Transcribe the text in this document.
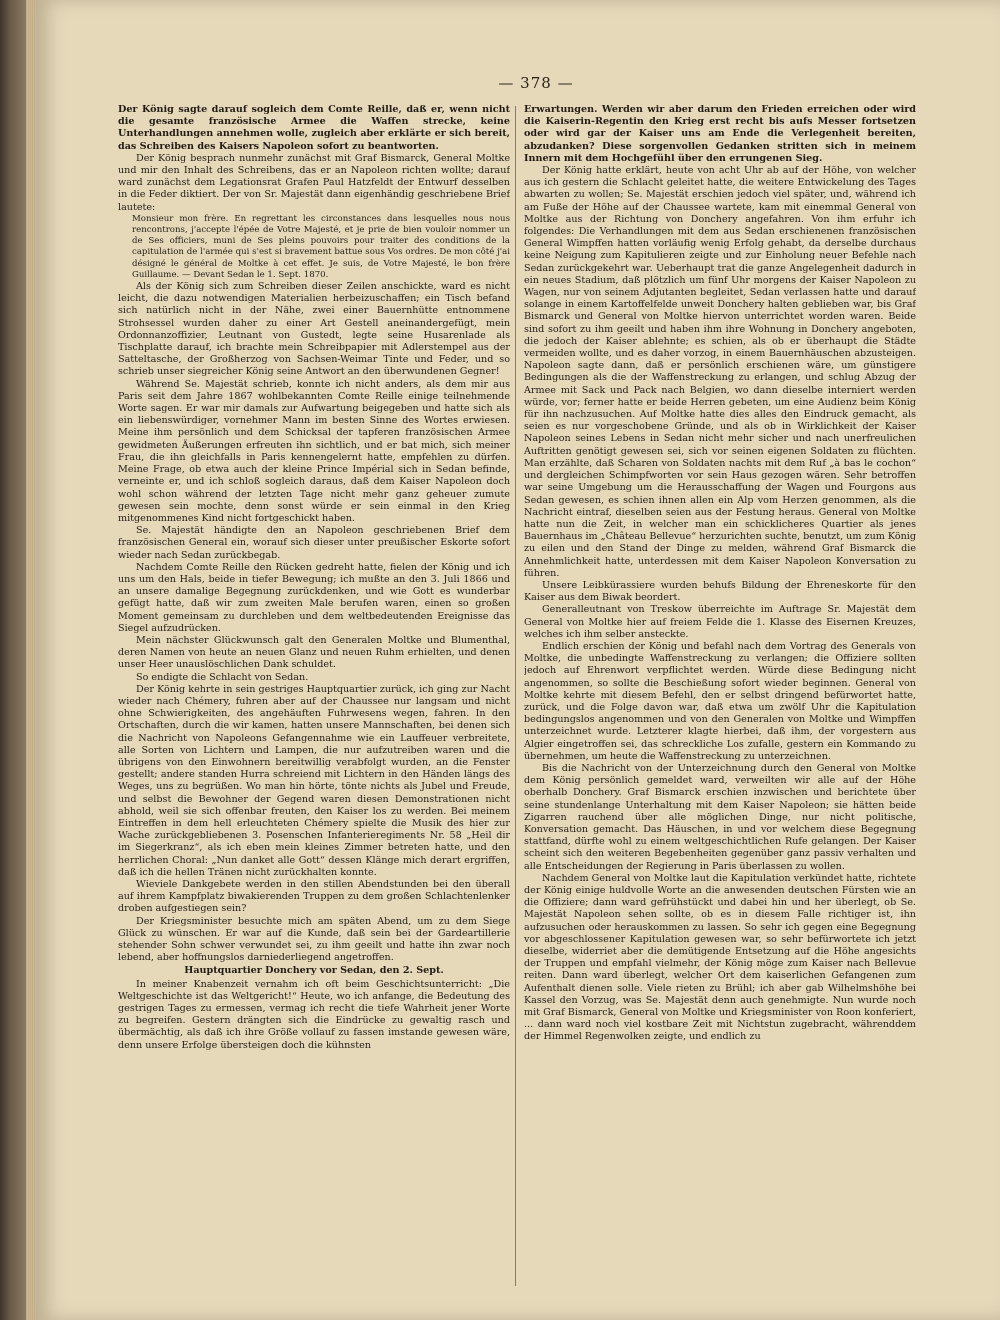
— 378 —

Der König sagte darauf sogleich dem Comte Reille, daß er, wenn nicht die gesamte französische Armee die Waffen strecke, keine Unterhandlungen annehmen wolle, zugleich aber erklärte er sich bereit, das Schreiben des Kaisers Napoleon sofort zu beantworten.

Der König besprach nunmehr zunächst mit Graf Bismarck, General Moltke und mir den Inhalt des Schreibens, das er an Napoleon richten wollte; darauf ward zunächst dem Legationsrat Grafen Paul Hatzfeldt der Entwurf desselben in die Feder diktiert. Der von Sr. Majestät dann eigenhändig geschriebene Brief lautete:

Monsieur mon frère. En regrettant les circonstances dans lesquelles nous nous rencontrons, j'accepte l'épée de Votre Majesté, et je prie de bien vouloir nommer un de Ses officiers, muni de Ses pleins pouvoirs pour traiter des conditions de la capitulation de l'armée qui s'est si bravement battue sous Vos ordres. De mon côté j'ai désigné le général de Moltke à cet effet. Je suis, de Votre Majesté, le bon frère Guillaume. — Devant Sedan le 1. Sept. 1870.

Als der König sich zum Schreiben dieser Zeilen anschickte, ward es nicht leicht, die dazu notwendigen Materialien herbeizuschaffen; ein Tisch befand sich natürlich nicht in der Nähe, zwei einer Bauernhütte entnommene Strohsessel wurden daher zu einer Art Gestell aneinandergefügt, mein Ordonnanzoffizier, Leutnant von Gustedt, legte seine Husarenlade als Tischplatte darauf, ich brachte mein Schreibpapier mit Adlerstempel aus der Satteltasche, der Großherzog von Sachsen-Weimar Tinte und Feder, und so schrieb unser siegreicher König seine Antwort an den überwundenen Gegner!

Während Se. Majestät schrieb, konnte ich nicht anders, als dem mir aus Paris seit dem Jahre 1867 wohlbekannten Comte Reille einige teilnehmende Worte sagen. Er war mir damals zur Aufwartung beigegeben und hatte sich als ein liebenswürdiger, vornehmer Mann im besten Sinne des Wortes erwiesen. Meine ihm persönlich und dem Schicksal der tapferen französischen Armee gewidmeten Äußerungen erfreuten ihn sichtlich, und er bat mich, sich meiner Frau, die ihn gleichfalls in Paris kennengelernt hatte, empfehlen zu dürfen. Meine Frage, ob etwa auch der kleine Prince Impérial sich in Sedan befinde, verneinte er, und ich schloß sogleich daraus, daß dem Kaiser Napoleon doch wohl schon während der letzten Tage nicht mehr ganz geheuer zumute gewesen sein mochte, denn sonst würde er sein einmal in den Krieg mitgenommenes Kind nicht fortgeschickt haben.

Se. Majestät händigte den an Napoleon geschriebenen Brief dem französischen General ein, worauf sich dieser unter preußischer Eskorte sofort wieder nach Sedan zurückbegab.

Nachdem Comte Reille den Rücken gedreht hatte, fielen der König und ich uns um den Hals, beide in tiefer Bewegung; ich mußte an den 3. Juli 1866 und an unsere damalige Begegnung zurückdenken, und wie Gott es wunderbar gefügt hatte, daß wir zum zweiten Male berufen waren, einen so großen Moment gemeinsam zu durchleben und dem weltbedeutenden Ereignisse das Siegel aufzudrücken.

Mein nächster Glückwunsch galt den Generalen Moltke und Blumenthal, deren Namen von heute an neuen Glanz und neuen Ruhm erhielten, und denen unser Heer unauslöschlichen Dank schuldet.

So endigte die Schlacht von Sedan.

Der König kehrte in sein gestriges Hauptquartier zurück, ich ging zur Nacht wieder nach Chémery, fuhren aber auf der Chaussee nur langsam und nicht ohne Schwierigkeiten, des angehäuften Fuhrwesens wegen, fahren. In den Ortschaften, durch die wir kamen, hatten unsere Mannschaften, bei denen sich die Nachricht von Napoleons Gefangennahme wie ein Lauffeuer verbreitete, alle Sorten von Lichtern und Lampen, die nur aufzutreiben waren und die übrigens von den Einwohnern bereitwillig verabfolgt wurden, an die Fenster gestellt; andere standen Hurra schreiend mit Lichtern in den Händen längs des Weges, uns zu begrüßen. Wo man hin hörte, tönte nichts als Jubel und Freude, und selbst die Bewohner der Gegend waren diesen Demonstrationen nicht abhold, weil sie sich offenbar freuten, den Kaiser los zu werden. Bei meinem Eintreffen in dem hell erleuchteten Chémery spielte die Musik des hier zur Wache zurückgebliebenen 3. Posenschen Infanterieregiments Nr. 58 „Heil dir im Siegerkranz“, als ich eben mein kleines Zimmer betreten hatte, und den herrlichen Choral: „Nun danket alle Gott“ dessen Klänge mich derart ergriffen, daß ich die hellen Tränen nicht zurückhalten konnte.

Wieviele Dankgebete werden in den stillen Abendstunden bei den überall auf ihrem Kampfplatz biwakierenden Truppen zu dem großen Schlachtenlenker droben aufgestiegen sein?

Der Kriegsminister besuchte mich am späten Abend, um zu dem Siege Glück zu wünschen. Er war auf die Kunde, daß sein bei der Gardeartillerie stehender Sohn schwer verwundet sei, zu ihm geeilt und hatte ihn zwar noch lebend, aber hoffnungslos darniederliegend angetroffen.

Hauptquartier Donchery vor Sedan, den 2. Sept.

In meiner Knabenzeit vernahm ich oft beim Geschichtsunterricht: „Die Weltgeschichte ist das Weltgericht!“ Heute, wo ich anfange, die Bedeutung des gestrigen Tages zu ermessen, vermag ich recht die tiefe Wahrheit jener Worte zu begreifen. Gestern drängten sich die Eindrücke zu gewaltig rasch und übermächtig, als daß ich ihre Größe vollauf zu fassen imstande gewesen wäre, denn unsere Erfolge übersteigen doch die kühnsten

Erwartungen. Werden wir aber darum den Frieden erreichen oder wird die Kaiserin-Regentin den Krieg erst recht bis aufs Messer fortsetzen oder wird gar der Kaiser uns am Ende die Verlegenheit bereiten, abzudanken? Diese sorgenvollen Gedanken stritten sich in meinem Innern mit dem Hochgefühl über den errungenen Sieg.

Der König hatte erklärt, heute von acht Uhr ab auf der Höhe, von welcher aus ich gestern die Schlacht geleitet hatte, die weitere Entwickelung des Tages abwarten zu wollen; Se. Majestät erschien jedoch viel später, und, während ich am Fuße der Höhe auf der Chaussee wartete, kam mit einemmal General von Moltke aus der Richtung von Donchery angefahren. Von ihm erfuhr ich folgendes: Die Verhandlungen mit dem aus Sedan erschienenen französischen General Wimpffen hatten vorläufig wenig Erfolg gehabt, da derselbe durchaus keine Neigung zum Kapitulieren zeigte und zur Einholung neuer Befehle nach Sedan zurückgekehrt war. Ueberhaupt trat die ganze Angelegenheit dadurch in ein neues Stadium, daß plötzlich um fünf Uhr morgens der Kaiser Napoleon zu Wagen, nur von seinem Adjutanten begleitet, Sedan verlassen hatte und darauf solange in einem Kartoffelfelde unweit Donchery halten geblieben war, bis Graf Bismarck und General von Moltke hiervon unterrichtet worden waren. Beide sind sofort zu ihm geeilt und haben ihm ihre Wohnung in Donchery angeboten, die jedoch der Kaiser ablehnte; es schien, als ob er überhaupt die Städte vermeiden wollte, und es daher vorzog, in einem Bauernhäuschen abzusteigen. Napoleon sagte dann, daß er persönlich erschienen wäre, um günstigere Bedingungen als die der Waffenstreckung zu erlangen, und schlug Abzug der Armee mit Sack und Pack nach Belgien, wo dann dieselbe interniert werden würde, vor; ferner hatte er beide Herren gebeten, um eine Audienz beim König für ihn nachzusuchen. Auf Moltke hatte dies alles den Eindruck gemacht, als seien es nur vorgeschobene Gründe, und als ob in Wirklichkeit der Kaiser Napoleon seines Lebens in Sedan nicht mehr sicher und nach unerfreulichen Auftritten genötigt gewesen sei, sich vor seinen eigenen Soldaten zu flüchten. Man erzählte, daß Scharen von Soldaten nachts mit dem Ruf „à bas le cochon“ und dergleichen Schimpfworten vor sein Haus gezogen wären. Sehr betroffen war seine Umgebung um die Herausschaffung der Wagen und Fourgons aus Sedan gewesen, es schien ihnen allen ein Alp vom Herzen genommen, als die Nachricht eintraf, dieselben seien aus der Festung heraus. General von Moltke hatte nun die Zeit, in welcher man ein schicklicheres Quartier als jenes Bauernhaus im „Château Bellevue“ herzurichten suchte, benutzt, um zum König zu eilen und den Stand der Dinge zu melden, während Graf Bismarck die Annehmlichkeit hatte, unterdessen mit dem Kaiser Napoleon Konversation zu führen.

Unsere Leibkürassiere wurden behufs Bildung der Ehreneskorte für den Kaiser aus dem Biwak beordert.

Generalleutnant von Treskow überreichte im Auftrage Sr. Majestät dem General von Moltke hier auf freiem Felde die 1. Klasse des Eisernen Kreuzes, welches ich ihm selber ansteckte.

Endlich erschien der König und befahl nach dem Vortrag des Generals von Moltke, die unbedingte Waffenstreckung zu verlangen; die Offiziere sollten jedoch auf Ehrenwort verpflichtet werden. Würde diese Bedingung nicht angenommen, so sollte die Beschießung sofort wieder beginnen. General von Moltke kehrte mit diesem Befehl, den er selbst dringend befürwortet hatte, zurück, und die Folge davon war, daß etwa um zwölf Uhr die Kapitulation bedingungslos angenommen und von den Generalen von Moltke und Wimpffen unterzeichnet wurde. Letzterer klagte hierbei, daß ihm, der vorgestern aus Algier eingetroffen sei, das schreckliche Los zufalle, gestern ein Kommando zu übernehmen, um heute die Waffenstreckung zu unterzeichnen.

Bis die Nachricht von der Unterzeichnung durch den General von Moltke dem König persönlich gemeldet ward, verweilten wir alle auf der Höhe oberhalb Donchery. Graf Bismarck erschien inzwischen und berichtete über seine stundenlange Unterhaltung mit dem Kaiser Napoleon; sie hätten beide Zigarren rauchend über alle möglichen Dinge, nur nicht politische, Konversation gemacht. Das Häuschen, in und vor welchem diese Begegnung stattfand, dürfte wohl zu einem weltgeschichtlichen Rufe gelangen. Der Kaiser scheint sich den weiteren Begebenheiten gegenüber ganz passiv verhalten und alle Entscheidungen der Regierung in Paris überlassen zu wollen.

Nachdem General von Moltke laut die Kapitulation verkündet hatte, richtete der König einige huldvolle Worte an die anwesenden deutschen Fürsten wie an die Offiziere; dann ward gefrühstückt und dabei hin und her überlegt, ob Se. Majestät Napoleon sehen sollte, ob es in diesem Falle richtiger ist, ihn aufzusuchen oder herauskommen zu lassen. So sehr ich gegen eine Begegnung vor abgeschlossener Kapitulation gewesen war, so sehr befürwortete ich jetzt dieselbe, widerriet aber die demütigende Entsetzung auf die Höhe angesichts der Truppen und empfahl vielmehr, der König möge zum Kaiser nach Bellevue reiten. Dann ward überlegt, welcher Ort dem kaiserlichen Gefangenen zum Aufenthalt dienen solle. Viele rieten zu Brühl; ich aber gab Wilhelmshöhe bei Kassel den Vorzug, was Se. Majestät denn auch genehmigte. Nun wurde noch mit Graf Bismarck, General von Moltke und Kriegsminister von Roon konferiert, ... dann ward noch viel kostbare Zeit mit Nichtstun zugebracht, währenddem der Himmel Regenwolken zeigte, und endlich zu
